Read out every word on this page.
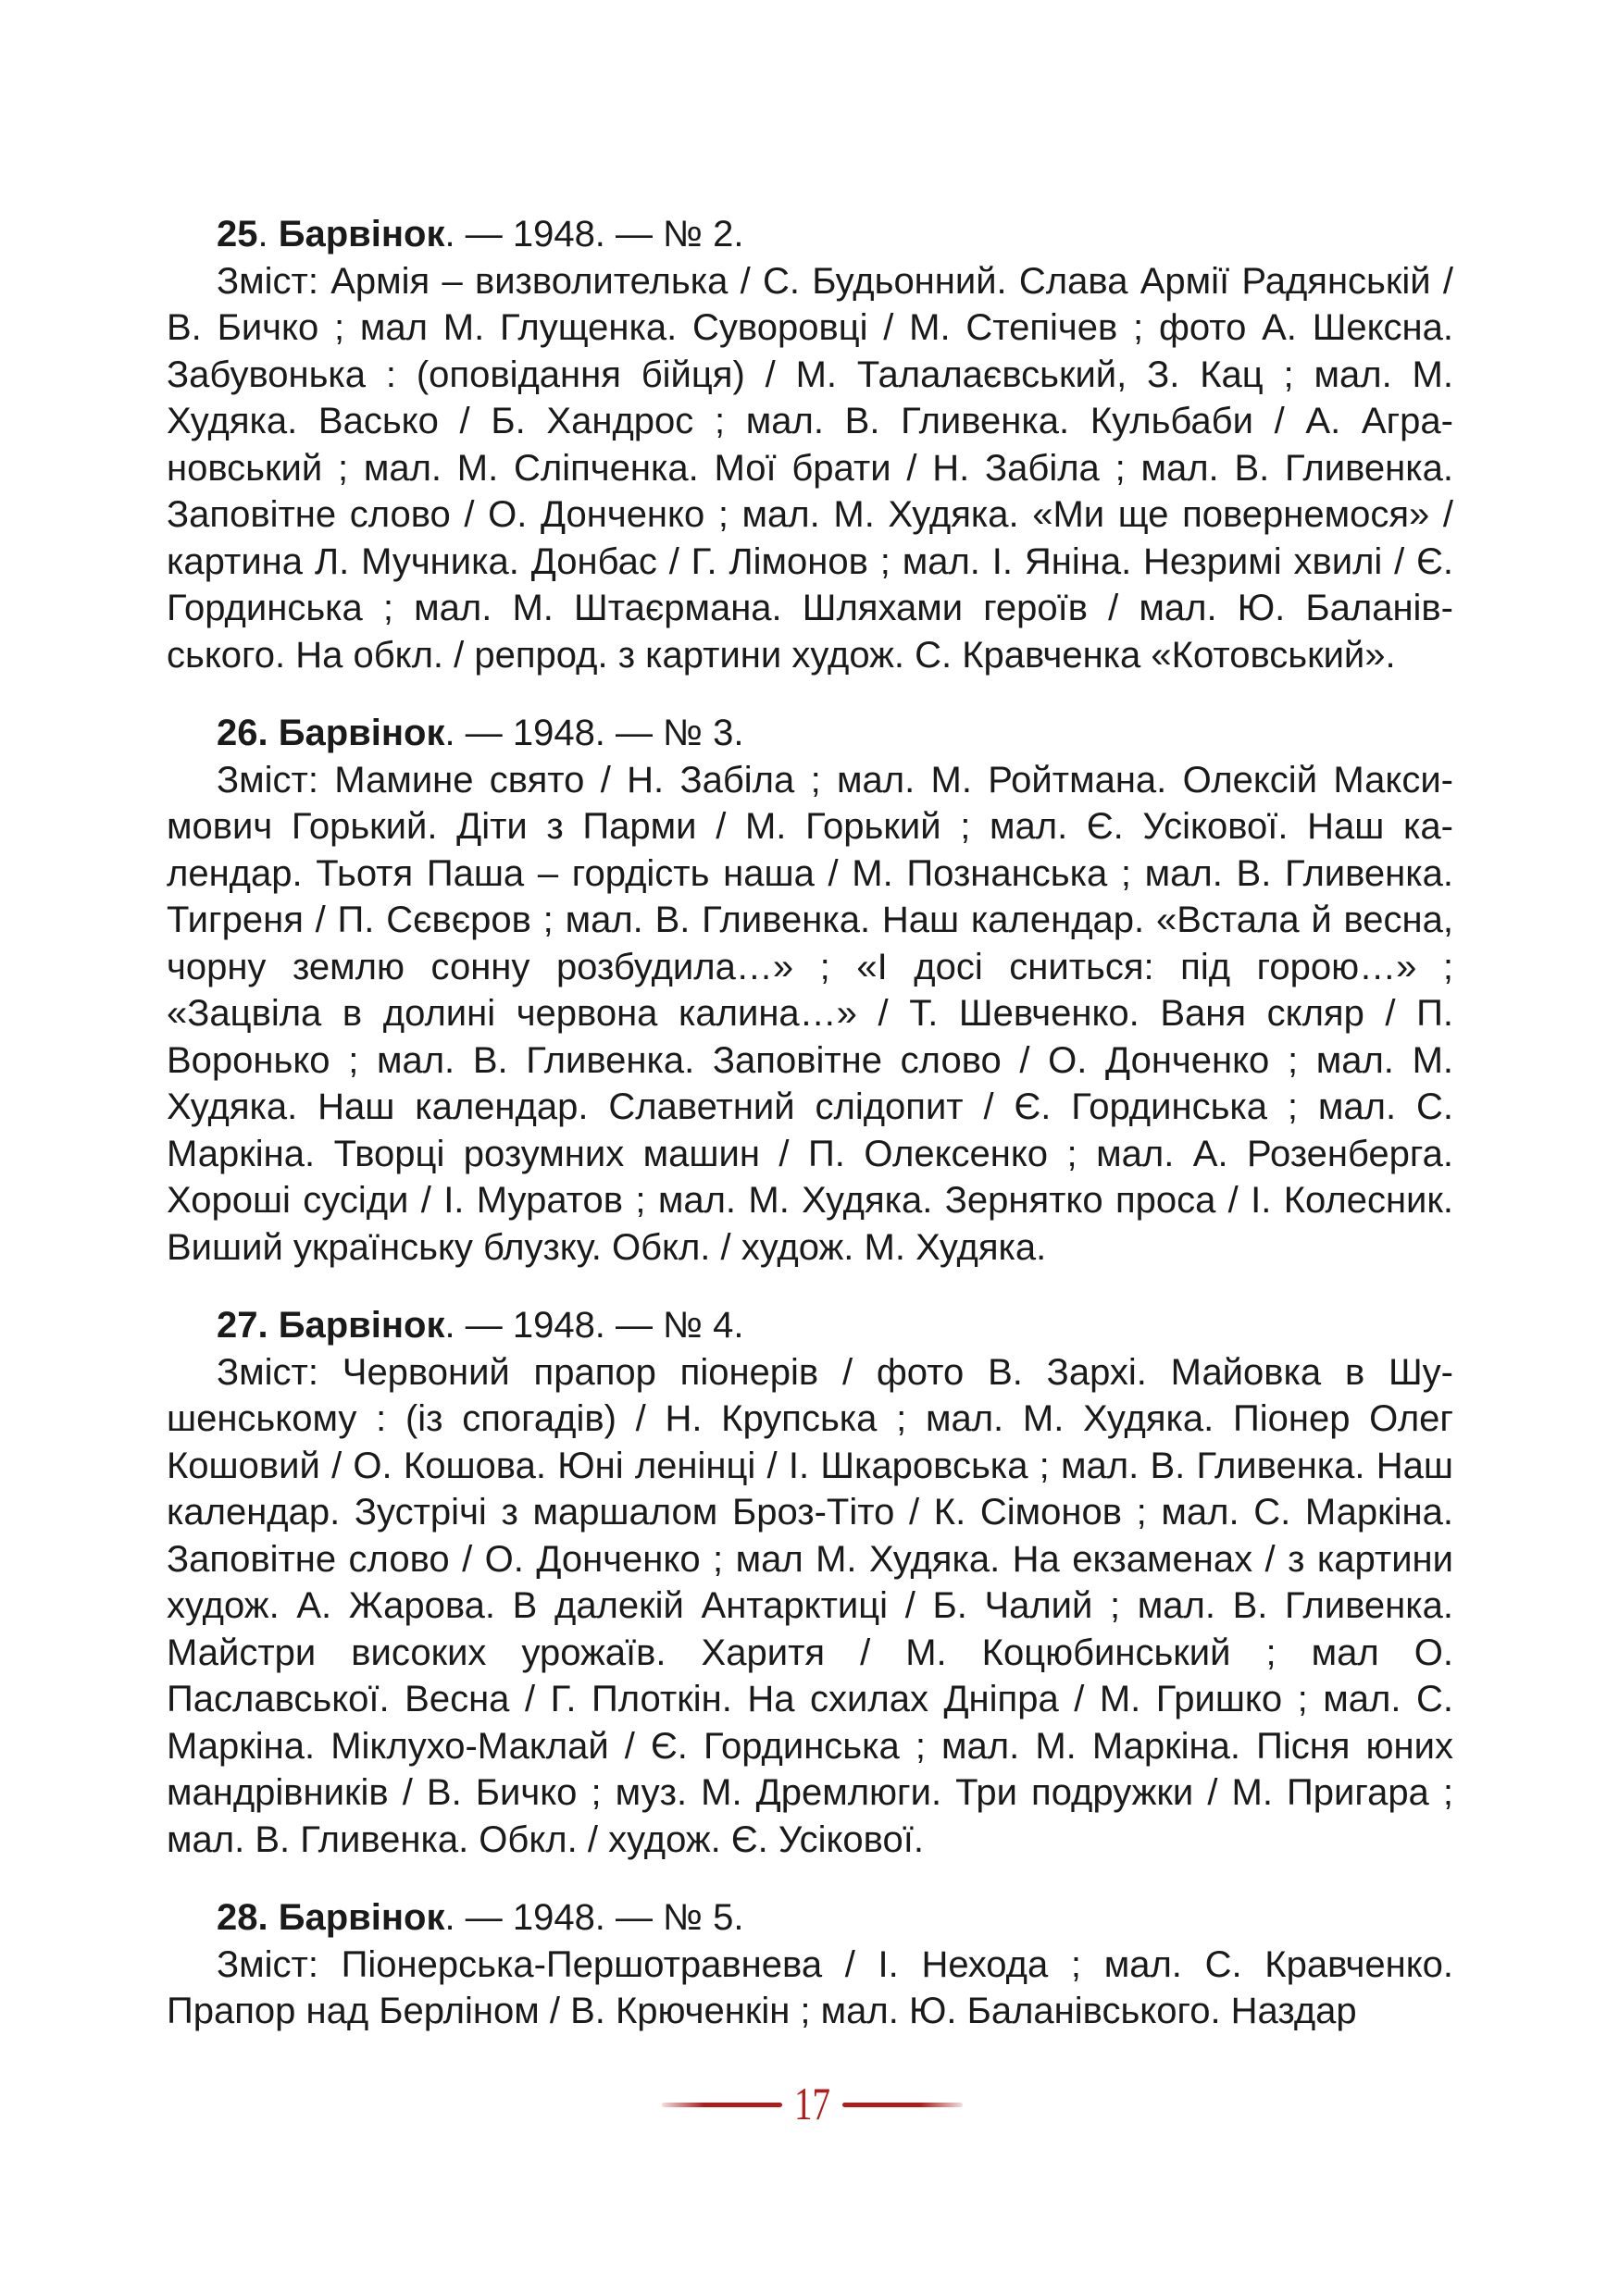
25. Барвінок. — 1948. — № 2.

Зміст: Армія – визволителька / С. Будьонний. Слава Армії Радянській / В. Бичко ; мал М. Глущенка. Суворовці / М. Степічев ; фото А. Шексна. Забувонька : (оповідання бійця) / М. Талалаєвський, З. Кац ; мал. М. Худяка. Васько / Б. Хандрос ; мал. В. Гливенка. Кульбаби / А. Аграновський ; мал. М. Сліпченка. Мої брати / Н. Забіла ; мал. В. Гливенка. Заповітне слово / О. Донченко ; мал. М. Худяка. «Ми ще повернемося» / картина Л. Мучника. Донбас / Г. Лімонов ; мал. І. Яніна. Незримі хвилі / Є. Гординська ; мал. М. Штаєрмана. Шляхами героїв / мал. Ю. Баланівського. На обкл. / репрод. з картини худож. С. Кравченка «Котовський».

26. Барвінок. — 1948. — № 3.

Зміст: Мамине свято / Н. Забіла ; мал. М. Ройтмана. Олексій Максимович Горький. Діти з Парми / М. Горький ; мал. Є. Усікової. Наш календар. Тьотя Паша – гордість наша / М. Познанська ; мал. В. Гливенка. Тигреня / П. Сєвєров ; мал. В. Гливенка. Наш календар. «Встала й весна, чорну землю сонну розбудила…» ; «І досі сниться: під горою…» ; «Зацвіла в долині червона калина…» / Т. Шевченко. Ваня скляр / П. Воронько ; мал. В. Гливенка. Заповітне слово / О. Донченко ; мал. М. Худяка. Наш календар. Славетний слідопит / Є. Гординська ; мал. С. Маркіна. Творці розумних машин / П. Олексенко ; мал. А. Розенберга. Хороші сусіди / І. Муратов ; мал. М. Худяка. Зернятко проса / І. Колесник. Виший українську блузку. Обкл. / худож. М. Худяка.

27. Барвінок. — 1948. — № 4.

Зміст: Червоний прапор піонерів / фото В. Зархі. Майовка в Шушенському : (із спогадів) / Н. Крупська ; мал. М. Худяка. Піонер Олег Кошовий / О. Кошова. Юні ленінці / І. Шкаровська ; мал. В. Гливенка. Наш календар. Зустрічі з маршалом Броз-Тіто / К. Сімонов ; мал. С. Маркіна. Заповітне слово / О. Донченко ; мал М. Худяка. На екзаменах / з картини худож. А. Жарова. В далекій Антарктиці / Б. Чалий ; мал. В. Гливенка. Майстри високих урожаїв. Харитя / М. Коцюбинський ; мал О. Паславської. Весна / Г. Плоткін. На схилах Дніпра / М. Гришко ; мал. С. Маркіна. Міклухо-Маклай / Є. Гординська ; мал. М. Маркіна. Пісня юних мандрівників / В. Бичко ; муз. М. Дремлюги. Три подружки / М. Пригара ; мал. В. Гливенка. Обкл. / худож. Є. Усікової.

28. Барвінок. — 1948. — № 5.

Зміст: Піонерська-Першотравнева / І. Нехода ; мал. С. Кравченко. Прапор над Берліном / В. Крюченкін ; мал. Ю. Баланівського. Наздар

17
